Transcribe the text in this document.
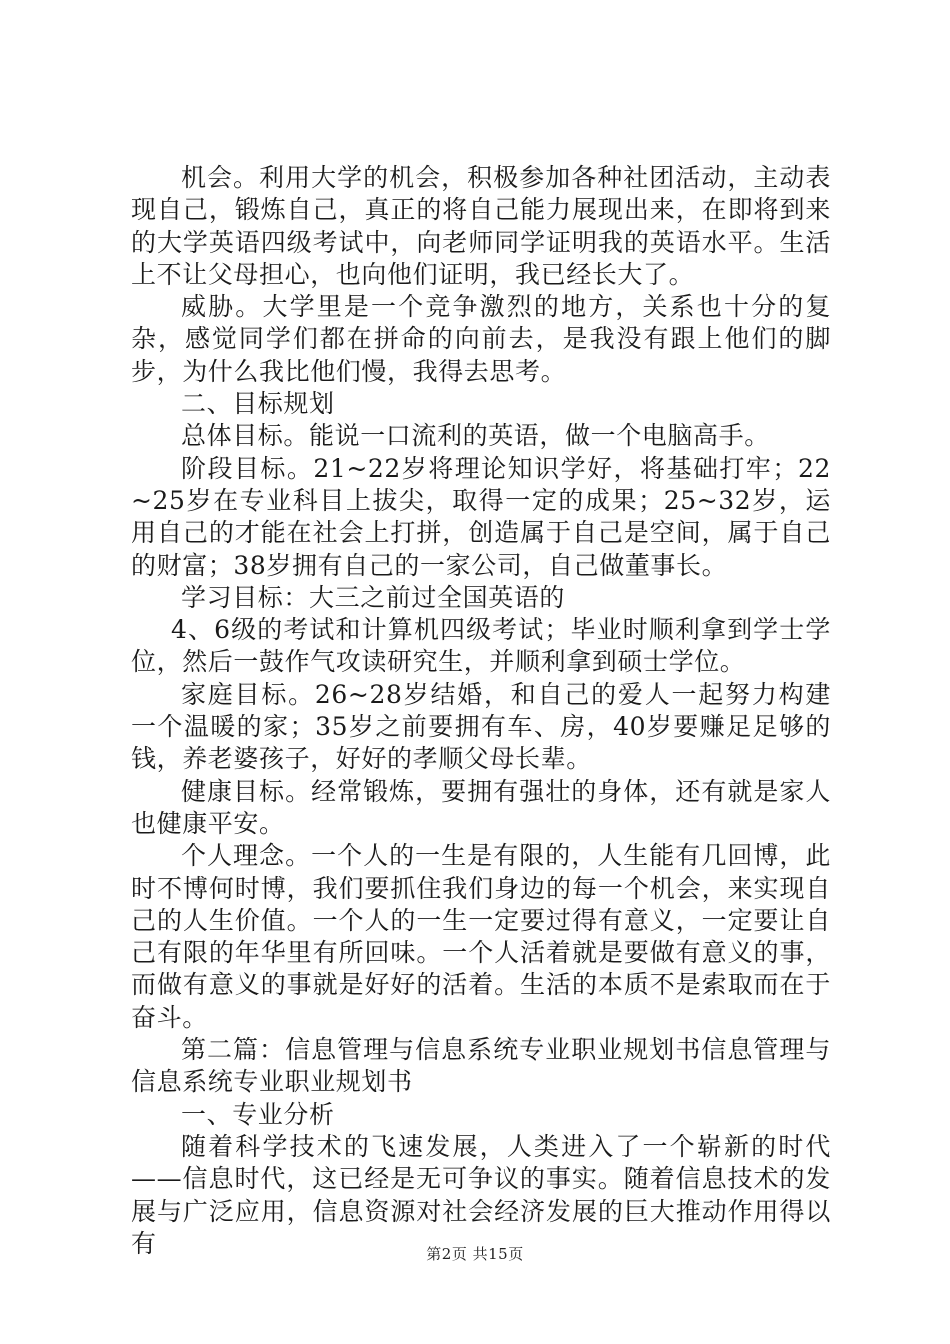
机会。利用大学的机会，积极参加各种社团活动，主动表现自己，锻炼自己，真正的将自己能力展现出来，在即将到来的大学英语四级考试中，向老师同学证明我的英语水平。生活上不让父母担心，也向他们证明，我已经长大了。

威胁。大学里是一个竞争激烈的地方，关系也十分的复杂，感觉同学们都在拼命的向前去，是我没有跟上他们的脚步，为什么我比他们慢，我得去思考。

二、目标规划

总体目标。能说一口流利的英语，做一个电脑高手。

阶段目标。21~22岁将理论知识学好，将基础打牢；22~25岁在专业科目上拔尖，取得一定的成果；25~32岁，运用自己的才能在社会上打拼，创造属于自己是空间，属于自己的财富；38岁拥有自己的一家公司，自己做董事长。

学习目标：大三之前过全国英语的

4、6级的考试和计算机四级考试；毕业时顺利拿到学士学位，然后一鼓作气攻读研究生，并顺利拿到硕士学位。

家庭目标。26~28岁结婚，和自己的爱人一起努力构建一个温暖的家；35岁之前要拥有车、房，40岁要赚足足够的钱，养老婆孩子，好好的孝顺父母长辈。

健康目标。经常锻炼，要拥有强壮的身体，还有就是家人也健康平安。

个人理念。一个人的一生是有限的，人生能有几回博，此时不博何时博，我们要抓住我们身边的每一个机会，来实现自己的人生价值。一个人的一生一定要过得有意义，一定要让自己有限的年华里有所回味。一个人活着就是要做有意义的事，而做有意义的事就是好好的活着。生活的本质不是索取而在于奋斗。

第二篇：信息管理与信息系统专业职业规划书信息管理与信息系统专业职业规划书

一、专业分析

随着科学技术的飞速发展，人类进入了一个崭新的时代——信息时代，这已经是无可争议的事实。随着信息技术的发展与广泛应用，信息资源对社会经济发展的巨大推动作用得以有	第2页 共15页
